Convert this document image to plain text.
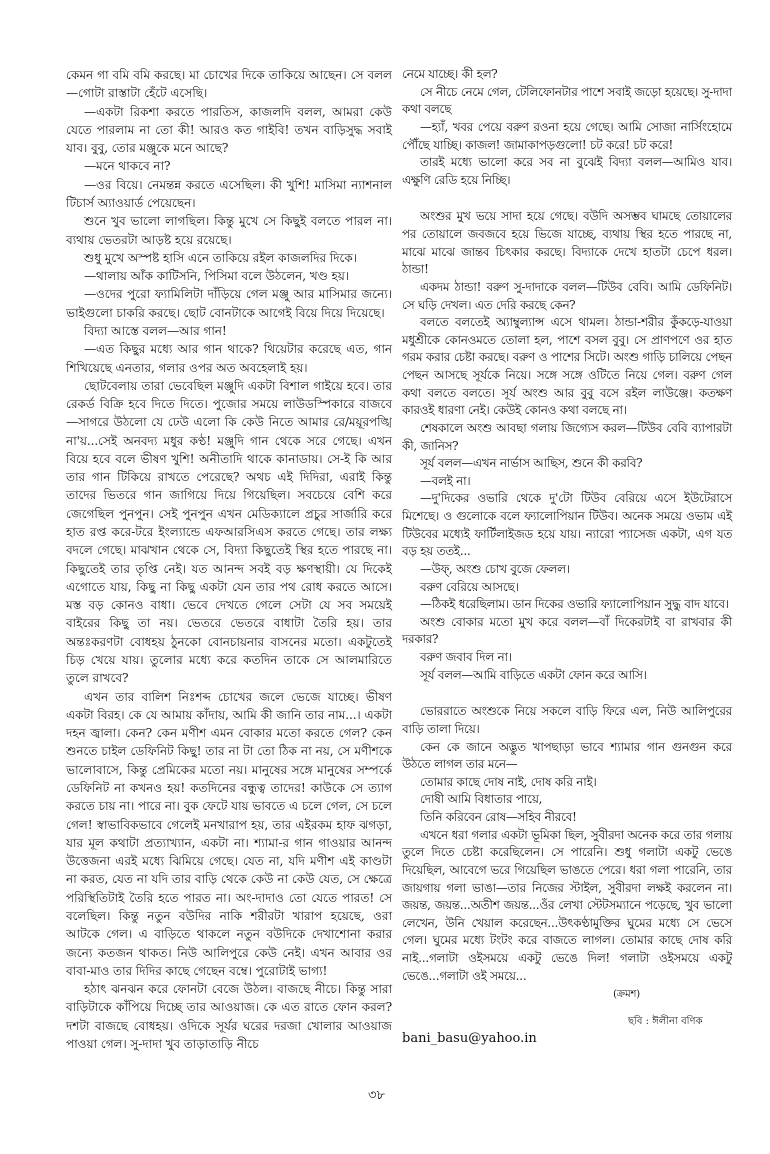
কেমন গা বমি বমি করছে। মা চোখের দিকে তাকিয়ে আছেন। সে বলল—গোটা রাস্তাটা হেঁটে এসেছি।

—একটা রিকশা করতে পারতিস, কাজলদি বলল, আমরা কেউ যেতে পারলাম না তো কী! আরও কত গাইবি! তখন বাড়িসুদ্ধ সবাই যাব। বুবু, তোর মঞ্জুকে মনে আছে?

—মনে থাকবে না?

—ওর বিয়ে। নেমন্তন্ন করতে এসেছিল। কী খুশি! মাসিমা ন্যাশনাল টিচার্স অ্যাওয়ার্ড পেয়েছেন।

শুনে খুব ভালো লাগছিল। কিন্তু মুখে সে কিছুই বলতে পারল না। ব্যথায় ভেতরটা আড়ষ্ট হয়ে রয়েছে।

শুধু মুখে অস্পষ্ট হাসি এনে তাকিয়ে রইল কাজলদির দিকে।

—থালায় আঁক কাটিসনি, পিসিমা বলে উঠলেন, খণ্ড হয়।

—ওদের পুরো ফ্যামিলিটা দাঁড়িয়ে গেল মঞ্জু আর মাসিমার জন্যে। ভাইগুলো চাকরি করছে। ছোট বোনটাকে আগেই বিয়ে দিয়ে দিয়েছে।

বিদ্যা আস্তে বলল—আর গান!

—এত কিছুর মধ্যে আর গান থাকে? থিয়েটার করেছে এত, গান শিখিয়েছে এনতার, গলার ওপর অত অবহেলাই হয়।

ছোটবেলায় তারা ভেবেছিল মঞ্জুদি একটা বিশাল গাইয়ে হবে। তার রেকর্ড বিক্রি হবে দিতে দিতে। পুজোর সময়ে লাউডস্পিকারে বাজবে—সাগরে উঠলো যে ঢেউ এলো কি কেউ নিতে আমার রে/ময়ূরপঙ্খি না'য়...সেই অনবদ্য মধুর কণ্ঠ! মঞ্জুদি গান থেকে সরে গেছে। এখন বিয়ে হবে বলে ভীষণ খুশি! অনীতাদি থাকে কানাডায়। সে-ই কি আর তার গান টিকিয়ে রাখতে পেরেছে? অথচ এই দিদিরা, এরাই কিন্তু তাদের ভিতরে গান জাগিয়ে দিয়ে গিয়েছিল। সবচেয়ে বেশি করে জেগেছিল পুনপুন। সেই পুনপুন এখন মেডিক্যালে প্রচুর সার্জারি করে হাত রপ্ত করে-টরে ইংল্যান্ডে এফআরসিএস করতে গেছে। তার লক্ষ্য বদলে গেছে। মাঝখান থেকে সে, বিদ্যা কিছুতেই স্থির হতে পারছে না। কিছুতেই তার তৃপ্তি নেই। যত আনন্দ সবই বড় ক্ষণস্থায়ী। যে দিকেই এগোতে যায়, কিছু না কিছু একটা যেন তার পথ রোধ করতে আসে। মস্ত বড় কোনও বাধা। ভেবে দেখতে গেলে সেটা যে সব সময়েই বাইরের কিছু তা নয়। ভেতরে ভেতরে বাধাটা তৈরি হয়। তার অন্তঃকরণটা বোধহয় ঠুনকো বোনচায়নার বাসনের মতো। একটুতেই চিড় খেয়ে যায়। তুলোর মধ্যে করে কতদিন তাকে সে আলমারিতে তুলে রাখবে?

এখন তার বালিশ নিঃশব্দ চোখের জলে ভেজে যাচ্ছে। ভীষণ একটা বিরহ। কে যে আমায় কাঁদায়, আমি কী জানি তার নাম...। একটা দহন জ্বালা। কেন? কেন মণীশ এমন বোকার মতো করতে গেল? কেন শুনতে চাইল ডেফিনিট কিছু! তার না টা তো ঠিক না নয়, সে মণীশকে ভালোবাসে, কিন্তু প্রেমিকের মতো নয়। মানুষের সঙ্গে মানুষের সম্পর্কে ডেফিনিট না কখনও হয়! কতদিনের বন্ধুত্ব তাদের! কাউকে সে ত্যাগ করতে চায় না। পারে না। বুক ফেটে যায় ভাবতে এ চলে গেল, সে চলে গেল! স্বাভাবিকভাবে গেলেই মনখারাপ হয়, তার এইরকম হাফ ঝগড়া, যার মূল কথাটা প্রত্যাখ্যান, একটা না। শ্যামা-র গান গাওয়ার আনন্দ উত্তেজনা এরই মধ্যে ঝিমিয়ে গেছে। যেত না, যদি মণীশ এই কাণ্ডটা না করত, যেত না যদি তার বাড়ি থেকে কেউ না কেউ যেত, সে ক্ষেত্রে পরিস্থিতিটাই তৈরি হতে পারত না। অং-দাদাও তো যেতে পারত! সে বলেছিল। কিন্তু নতুন বউদির নাকি শরীরটা খারাপ হয়েছে, ওরা আটকে গেল। এ বাড়িতে থাকলে নতুন বউদিকে দেখাশোনা করার জন্যে কতজন থাকত। নিউ আলিপুরে কেউ নেই। এখন আবার ওর বাবা-মাও তার দিদির কাছে গেছেন বম্বে। পুরোটাই ভাগ্য!

হঠাৎ ঝনঝন করে ফোনটা বেজে উঠল। বাজছে নীচে। কিন্তু সারা বাড়িটাকে কাঁপিয়ে দিচ্ছে তার আওয়াজ। কে এত রাতে ফোন করল? দশটা বাজছে বোধহয়। ওদিকে সূর্যর ঘরের দরজা খোলার আওয়াজ পাওয়া গেল। সু-দাদা খুব তাড়াতাড়ি নীচে

নেমে যাচ্ছে। কী হল?

সে নীচে নেমে গেল, টেলিফোনটার পাশে সবাই জড়ো হয়েছে। সু-দাদা কথা বলছে

—হ্যাঁ, খবর পেয়ে বরুণ রওনা হয়ে গেছে। আমি সোজা নার্সিংহোমে পৌঁছে যাচ্ছি। কাজল! জামাকাপড়গুলো! চট করে! চট করে!

তারই মধ্যে ভালো করে সব না বুঝেই বিদ্যা বলল—আমিও যাব। এক্ষুণি রেডি হয়ে নিচ্ছি।

অংশুর মুখ ভয়ে সাদা হয়ে গেছে। বউদি অসম্ভব ঘামছে তোয়ালের পর তোয়ালে জবজবে হয়ে ভিজে যাচ্ছে, ব্যথায় স্থির হতে পারছে না, মাঝে মাঝে জান্তব চিৎকার করছে। বিদ্যাকে দেখে হাতটা চেপে ধরল। ঠান্ডা!

একদম ঠান্ডা! বরুণ সু-দাদাকে বলল—টিউব বেবি। আমি ডেফিনিট। সে ঘড়ি দেখল। এত দেরি করছে কেন?

বলতে বলতেই অ্যাম্বুল্যান্স এসে থামল। ঠান্ডা-শরীর কুঁকড়ে-যাওয়া মধুশ্রীকে কোনওমতে তোলা হল, পাশে বসল বুবু। সে প্রাণপণে ওর হাত গরম করার চেষ্টা করছে। বরুণ ও পাশের সিটে। অংশু গাড়ি চালিয়ে পেছন পেছন আসছে সূর্যকে নিয়ে। সঙ্গে সঙ্গে ওটিতে নিয়ে গেল। বরুণ গেল কথা বলতে বলতে। সূর্য অংশু আর বুবু বসে রইল লাউঞ্জে। কতক্ষণ কারওই ধারণা নেই। কেউই কোনও কথা বলছে না।

শেষকালে অংশু আবছা গলায় জিগ্যেস করল—টিউব বেবি ব্যাপারটা কী, জানিস?

সূর্য বলল—এখন নার্ভাস আছিস, শুনে কী করবি?

—বলই না।

—দু'দিকের ওভারি থেকে দু'টো টিউব বেরিয়ে এসে ইউটেরাসে মিশেছে। ও গুলোকে বলে ফ্যালোপিয়ান টিউব। অনেক সময়ে ওভাম এই টিউবের মধ্যেই ফার্টিলাইজড হয়ে যায়। ন্যারো প্যাসেজ একটা, এগ যত বড় হয় ততই...

—উফ্, অংশু চোখ বুজে ফেলল।

বরুণ বেরিয়ে আসছে।

—ঠিকই ধরেছিলাম। ডান দিকের ওভারি ফ্যালোপিয়ান সুদ্ধু বাদ যাবে।

অংশু বোকার মতো মুখ করে বলল—বাঁ দিকেরটাই বা রাখবার কী দরকার?

বরুণ জবাব দিল না।

সূর্য বলল—আমি বাড়িতে একটা ফোন করে আসি।

ভোররাতে অংশুকে নিয়ে সকলে বাড়ি ফিরে এল, নিউ আলিপুরের বাড়ি তালা দিয়ে।

কেন কে জানে অদ্ভুত খাপছাড়া ভাবে শ্যামার গান গুনগুন করে উঠতে লাগল তার মনে—

তোমার কাছে দোষ নাই, দোষ করি নাই।

দোষী আমি বিধাতার পায়ে,

তিনি করিবেন রোষ—সহিব নীরবে!

এখনে ধরা গলার একটা ভূমিকা ছিল, সুবীরদা অনেক করে তার গলায় তুলে দিতে চেষ্টা করেছিলেন। সে পারেনি। শুধু গলাটা একটু ভেঙে দিয়েছিল, আবেগে ভরে গিয়েছিল ভাঙতে পেরে। ধরা গলা পারেনি, তার জায়গায় গলা ভাঙা—তার নিজের স্টাইল, সুবীরদা লক্ষই করলেন না। জয়ন্ত, জয়ন্ত...অতীশ জয়ন্ত...ওঁর লেখা স্টেটসম্যানে পড়েছে, খুব ভালো লেখেন, উনি খেয়াল করেছেন...উৎকণ্ঠামুক্তির ঘুমের মধ্যে সে ভেসে গেল। ঘুমের মধ্যে টংটং করে বাজতে লাগল। তোমার কাছে দোষ করি নাই...গলাটা ওইসময়ে একটু ভেঙে দিল! গলাটা ওইসময়ে একটু ভেঙে...গলাটা ওই সময়ে...

(ক্রমশ)
ছবি : ঈলীনা বণিক
bani_basu@yahoo.in
৩৮
